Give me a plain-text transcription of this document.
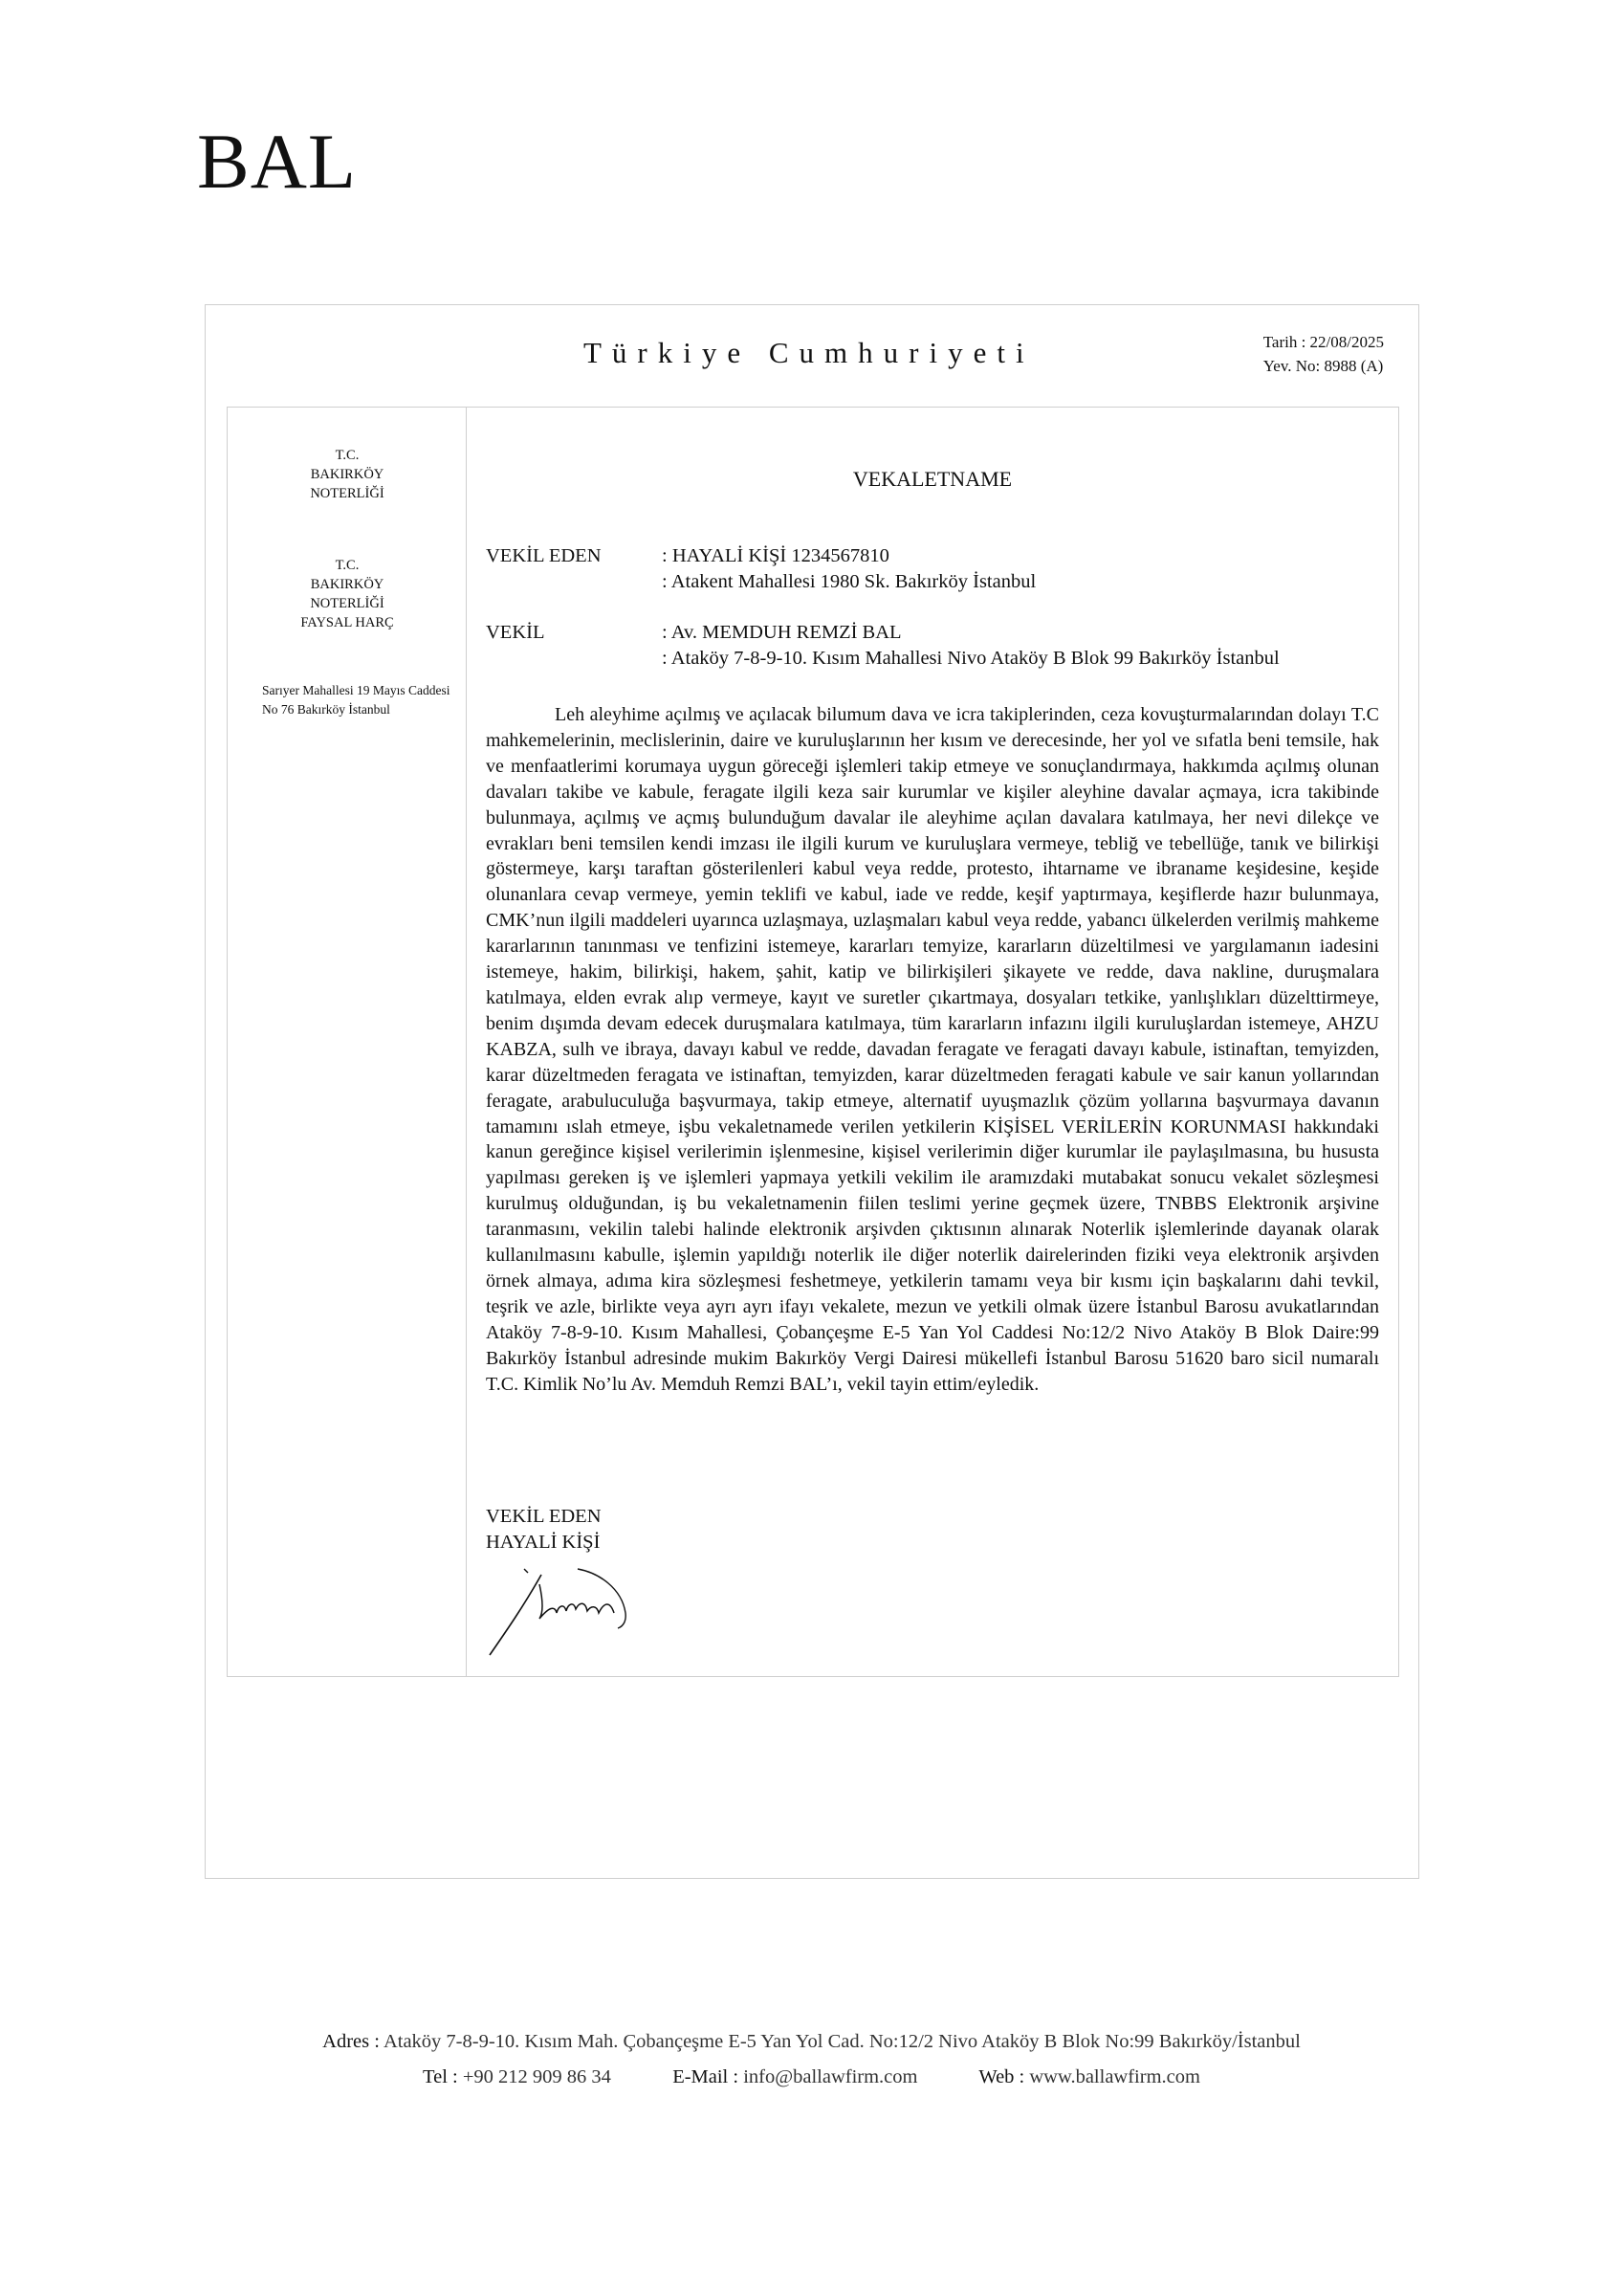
BAL
Türkiye Cumhuriyeti	Tarih : 22/08/2025
Yev. No: 8988 (A)
T.C.
BAKIRKÖY
NOTERLİĞİ
T.C.
BAKIRKÖY
NOTERLİĞİ
FAYSAL HARÇ
Sarıyer Mahallesi 19 Mayıs Caddesi No 76 Bakırköy İstanbul
VEKALETNAME
VEKİL EDEN	: HAYALİ KİŞİ 1234567810
: Atakent Mahallesi 1980 Sk. Bakırköy İstanbul
VEKİL	: Av. MEMDUH REMZİ BAL
: Ataköy 7-8-9-10. Kısım Mahallesi Nivo Ataköy B Blok 99 Bakırköy İstanbul

Leh aleyhime açılmış ve açılacak bilumum dava ve icra takiplerinden, ceza kovuşturmalarından dolayı T.C mahkemelerinin, meclislerinin, daire ve kuruluşlarının her kısım ve derecesinde, her yol ve sıfatla beni temsile, hak ve menfaatlerimi korumaya uygun göreceği işlemleri takip etmeye ve sonuçlandırmaya, hakkımda açılmış olunan davaları takibe ve kabule, feragate ilgili keza sair kurumlar ve kişiler aleyhine davalar açmaya, icra takibinde bulunmaya, açılmış ve açmış bulunduğum davalar ile aleyhime açılan davalara katılmaya, her nevi dilekçe ve evrakları beni temsilen kendi imzası ile ilgili kurum ve kuruluşlara vermeye, tebliğ ve tebellüğe, tanık ve bilirkişi göstermeye, karşı taraftan gösterilenleri kabul veya redde, protesto, ihtarname ve ibraname keşidesine, keşide olunanlara cevap vermeye, yemin teklifi ve kabul, iade ve redde, keşif yaptırmaya, keşiflerde hazır bulunmaya, CMK’nun ilgili maddeleri uyarınca uzlaşmaya, uzlaşmaları kabul veya redde, yabancı ülkelerden verilmiş mahkeme kararlarının tanınması ve tenfizini istemeye, kararları temyize, kararların düzeltilmesi ve yargılamanın iadesini istemeye, hakim, bilirkişi, hakem, şahit, katip ve bilirkişileri şikayete ve redde, dava nakline, duruşmalara katılmaya, elden evrak alıp vermeye, kayıt ve suretler çıkartmaya, dosyaları tetkike, yanlışlıkları düzelttirmeye, benim dışımda devam edecek duruşmalara katılmaya, tüm kararların infazını ilgili kuruluşlardan istemeye, AHZU KABZA, sulh ve ibraya, davayı kabul ve redde, davadan feragate ve feragati davayı kabule, istinaftan, temyizden, karar düzeltmeden feragata ve istinaftan, temyizden, karar düzeltmeden feragati kabule ve sair kanun yollarından feragate, arabuluculuğa başvurmaya, takip etmeye, alternatif uyuşmazlık çözüm yollarına başvurmaya davanın tamamını ıslah etmeye, işbu vekaletnamede verilen yetkilerin KİŞİSEL VERİLERİN KORUNMASI hakkındaki kanun gereğince kişisel verilerimin işlenmesine, kişisel verilerimin diğer kurumlar ile paylaşılmasına, bu hususta yapılması gereken iş ve işlemleri yapmaya yetkili vekilim ile aramızdaki mutabakat sonucu vekalet sözleşmesi kurulmuş olduğundan, iş bu vekaletnamenin fiilen teslimi yerine geçmek üzere, TNBBS Elektronik arşivine taranmasını, vekilin talebi halinde elektronik arşivden çıktısının alınarak Noterlik işlemlerinde dayanak olarak kullanılmasını kabulle, işlemin yapıldığı noterlik ile diğer noterlik dairelerinden fiziki veya elektronik arşivden örnek almaya, adıma kira sözleşmesi feshetmeye, yetkilerin tamamı veya bir kısmı için başkalarını dahi tevkil, teşrik ve azle, birlikte veya ayrı ayrı ifayı vekalete, mezun ve yetkili olmak üzere İstanbul Barosu avukatlarından Ataköy 7-8-9-10. Kısım Mahallesi, Çobançeşme E-5 Yan Yol Caddesi No:12/2 Nivo Ataköy B Blok Daire:99 Bakırköy İstanbul adresinde mukim Bakırköy Vergi Dairesi mükellefi İstanbul Barosu 51620 baro sicil numaralı T.C. Kimlik No’lu Av. Memduh Remzi BAL’ı, vekil tayin ettim/eyledik.

VEKİL EDEN
HAYALİ KİŞİ
Adres : Ataköy 7-8-9-10. Kısım Mah. Çobançeşme E-5 Yan Yol Cad. No:12/2 Nivo Ataköy B Blok No:99 Bakırköy/İstanbul
Tel : +90 212 909 86 34	E-Mail : info@ballawfirm.com	Web : www.ballawfirm.com
